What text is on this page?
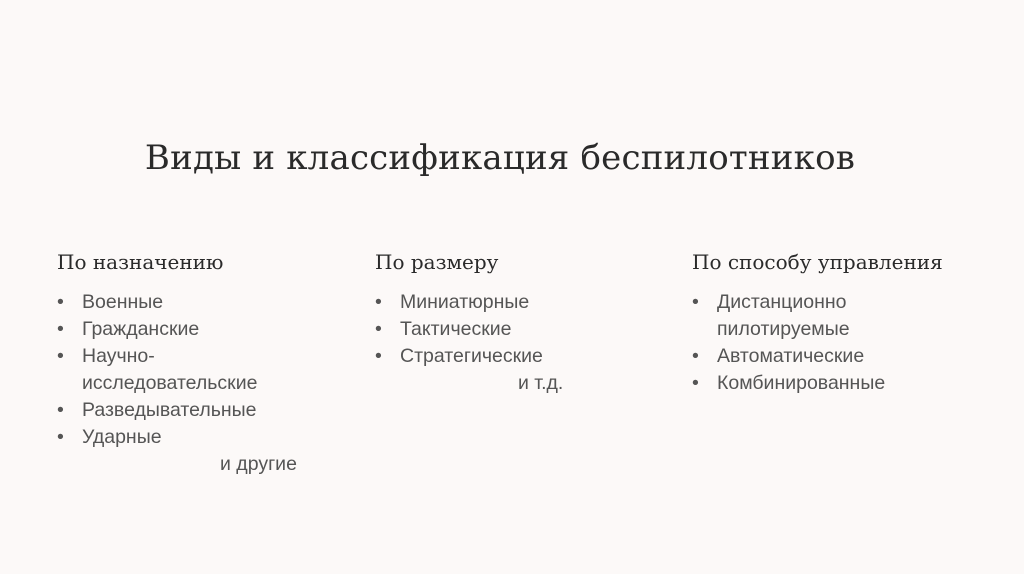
Виды и классификация беспилотников
По назначению
• Военные
• Гражданские
• Научно-исследовательские
• Разведывательные
• Ударные
и другие
По размеру
• Миниатюрные
• Тактические
• Стратегические
и т.д.
По способу управления
• Дистанционно пилотируемые
• Автоматические
• Комбинированные
